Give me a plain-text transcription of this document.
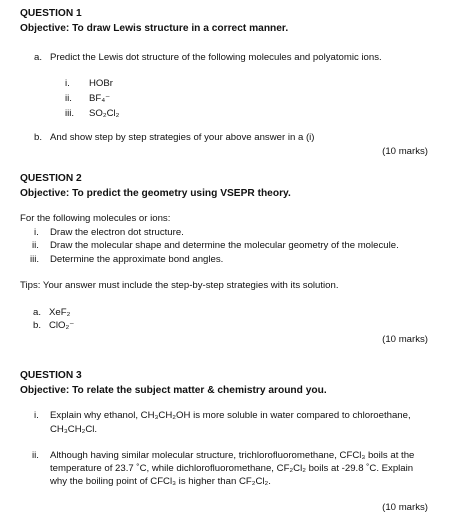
QUESTION 1
Objective: To draw Lewis structure in a correct manner.
a. Predict the Lewis dot structure of the following molecules and polyatomic ions.
i. HOBr
ii. BF₄⁻
iii. SO₂Cl₂
b. And show step by step strategies of your above answer in a (i)
(10 marks)
QUESTION 2
Objective: To predict the geometry using VSEPR theory.
For the following molecules or ions:
i. Draw the electron dot structure.
ii. Draw the molecular shape and determine the molecular geometry of the molecule.
iii. Determine the approximate bond angles.
Tips: Your answer must include the step-by-step strategies with its solution.
a. XeF₂
b. ClO₂⁻
(10 marks)
QUESTION 3
Objective: To relate the subject matter & chemistry around you.
i. Explain why ethanol, CH₃CH₂OH is more soluble in water compared to chloroethane,
CH₃CH₂Cl.
ii. Although having similar molecular structure, trichlorofluoromethane, CFCl₃ boils at the
temperature of 23.7 ˚C, while dichlorofluoromethane, CF₂Cl₂ boils at -29.8 ˚C. Explain
why the boiling point of CFCl₃ is higher than CF₂Cl₂.
(10 marks)
